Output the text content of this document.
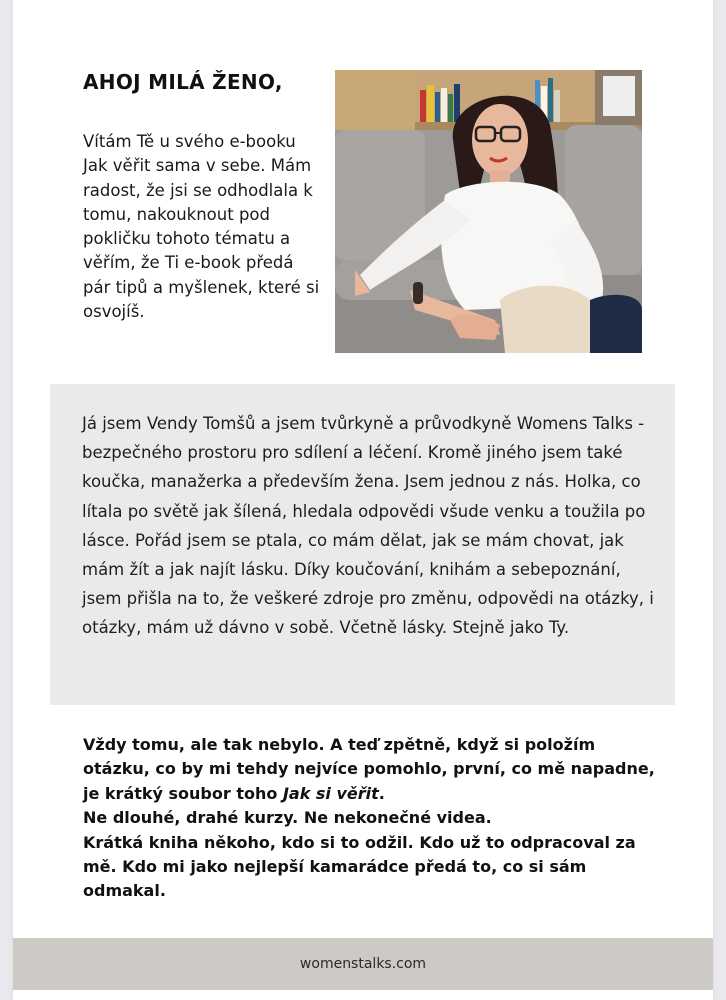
AHOJ MILÁ ŽENO,

Vítám Tě u svého e-booku Jak věřit sama v sebe. Mám radost, že jsi se odhodlala k tomu, nakouknout pod pokličku tohoto tématu a věřím, že Ti e-book předá pár tipů a myšlenek, které si osvojíš.

Já jsem Vendy Tomšů a jsem tvůrkyně a průvodkyně Womens Talks - bezpečného prostoru pro sdílení a léčení. Kromě jiného jsem také koučka, manažerka a především žena. Jsem jednou z nás. Holka, co lítala po světě jak šílená, hledala odpovědi všude venku a toužila po lásce. Pořád jsem se ptala, co mám dělat, jak se mám chovat, jak mám žít a jak najít lásku. Díky koučování, knihám a sebepoznání, jsem přišla na to, že veškeré zdroje pro změnu, odpovědi na otázky, i otázky, mám už dávno v sobě. Včetně lásky. Stejně jako Ty.

Vždy tomu, ale tak nebylo. A teď zpětně, když si položím otázku, co by mi tehdy nejvíce pomohlo, první, co mě napadne, je krátký soubor toho Jak si věřit.

Ne dlouhé, drahé kurzy. Ne nekonečné videa.

Krátká kniha někoho, kdo si to odžil. Kdo už to odpracoval za mě. Kdo mi jako nejlepší kamarádce předá to, co si sám odmakal.

womenstalks.com
